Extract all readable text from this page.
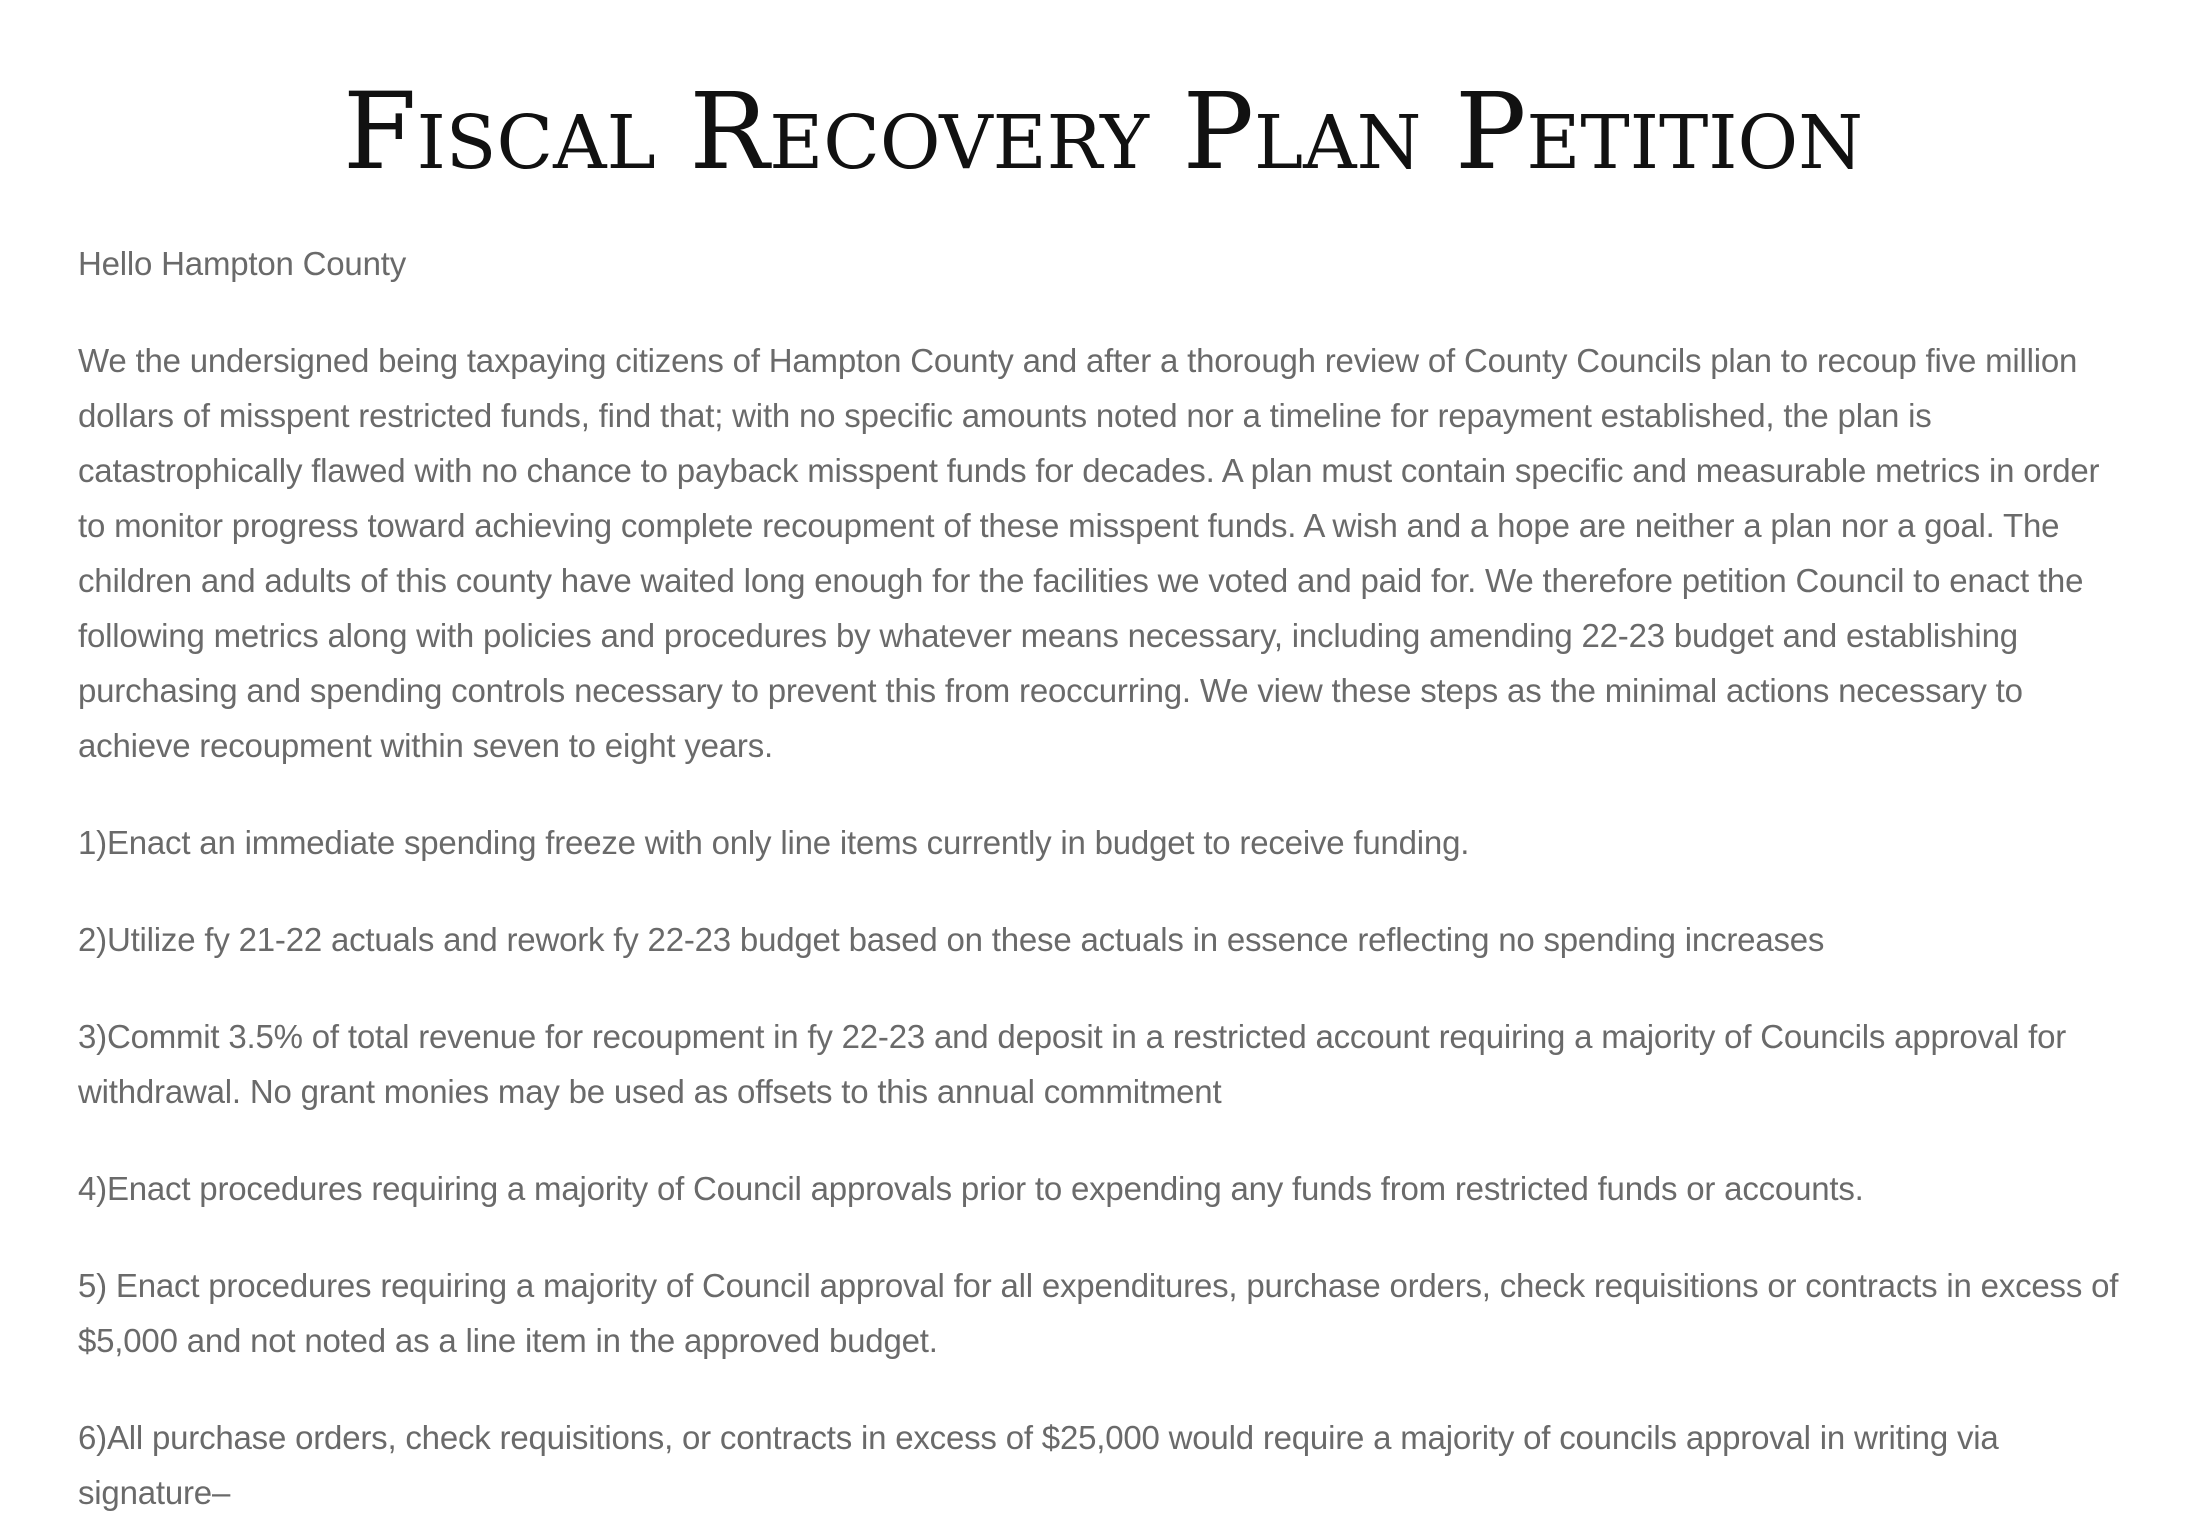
Fiscal Recovery Plan Petition

Hello Hampton County

We the undersigned being taxpaying citizens of Hampton County and after a thorough review of County Councils plan to recoup five million dollars of misspent restricted funds, find that; with no specific amounts noted nor a timeline for repayment established, the plan is catastrophically flawed with no chance to payback misspent funds for decades. A plan must contain specific and measurable metrics in order to monitor progress toward achieving complete recoupment of these misspent funds. A wish and a hope are neither a plan nor a goal. The children and adults of this county have waited long enough for the facilities we voted and paid for. We therefore petition Council to enact the following metrics along with policies and procedures by whatever means necessary, including amending 22-23 budget and establishing purchasing and spending controls necessary to prevent this from reoccurring. We view these steps as the minimal actions necessary to achieve recoupment within seven to eight years.

1)Enact an immediate spending freeze with only line items currently in budget to receive funding.

2)Utilize fy 21-22 actuals and rework fy 22-23 budget based on these actuals in essence reflecting no spending increases

3)Commit 3.5% of total revenue for recoupment in fy 22-23 and deposit in a restricted account requiring a majority of Councils approval for withdrawal. No grant monies may be used as offsets to this annual commitment

4)Enact procedures requiring a majority of Council approvals prior to expending any funds from restricted funds or accounts.

5) Enact procedures requiring a majority of Council approval for all expenditures, purchase orders, check requisitions or contracts in excess of $5,000 and not noted as a line item in the approved budget.

6)All purchase orders, check requisitions, or contracts in excess of $25,000 would require a majority of councils approval in writing via signature–
